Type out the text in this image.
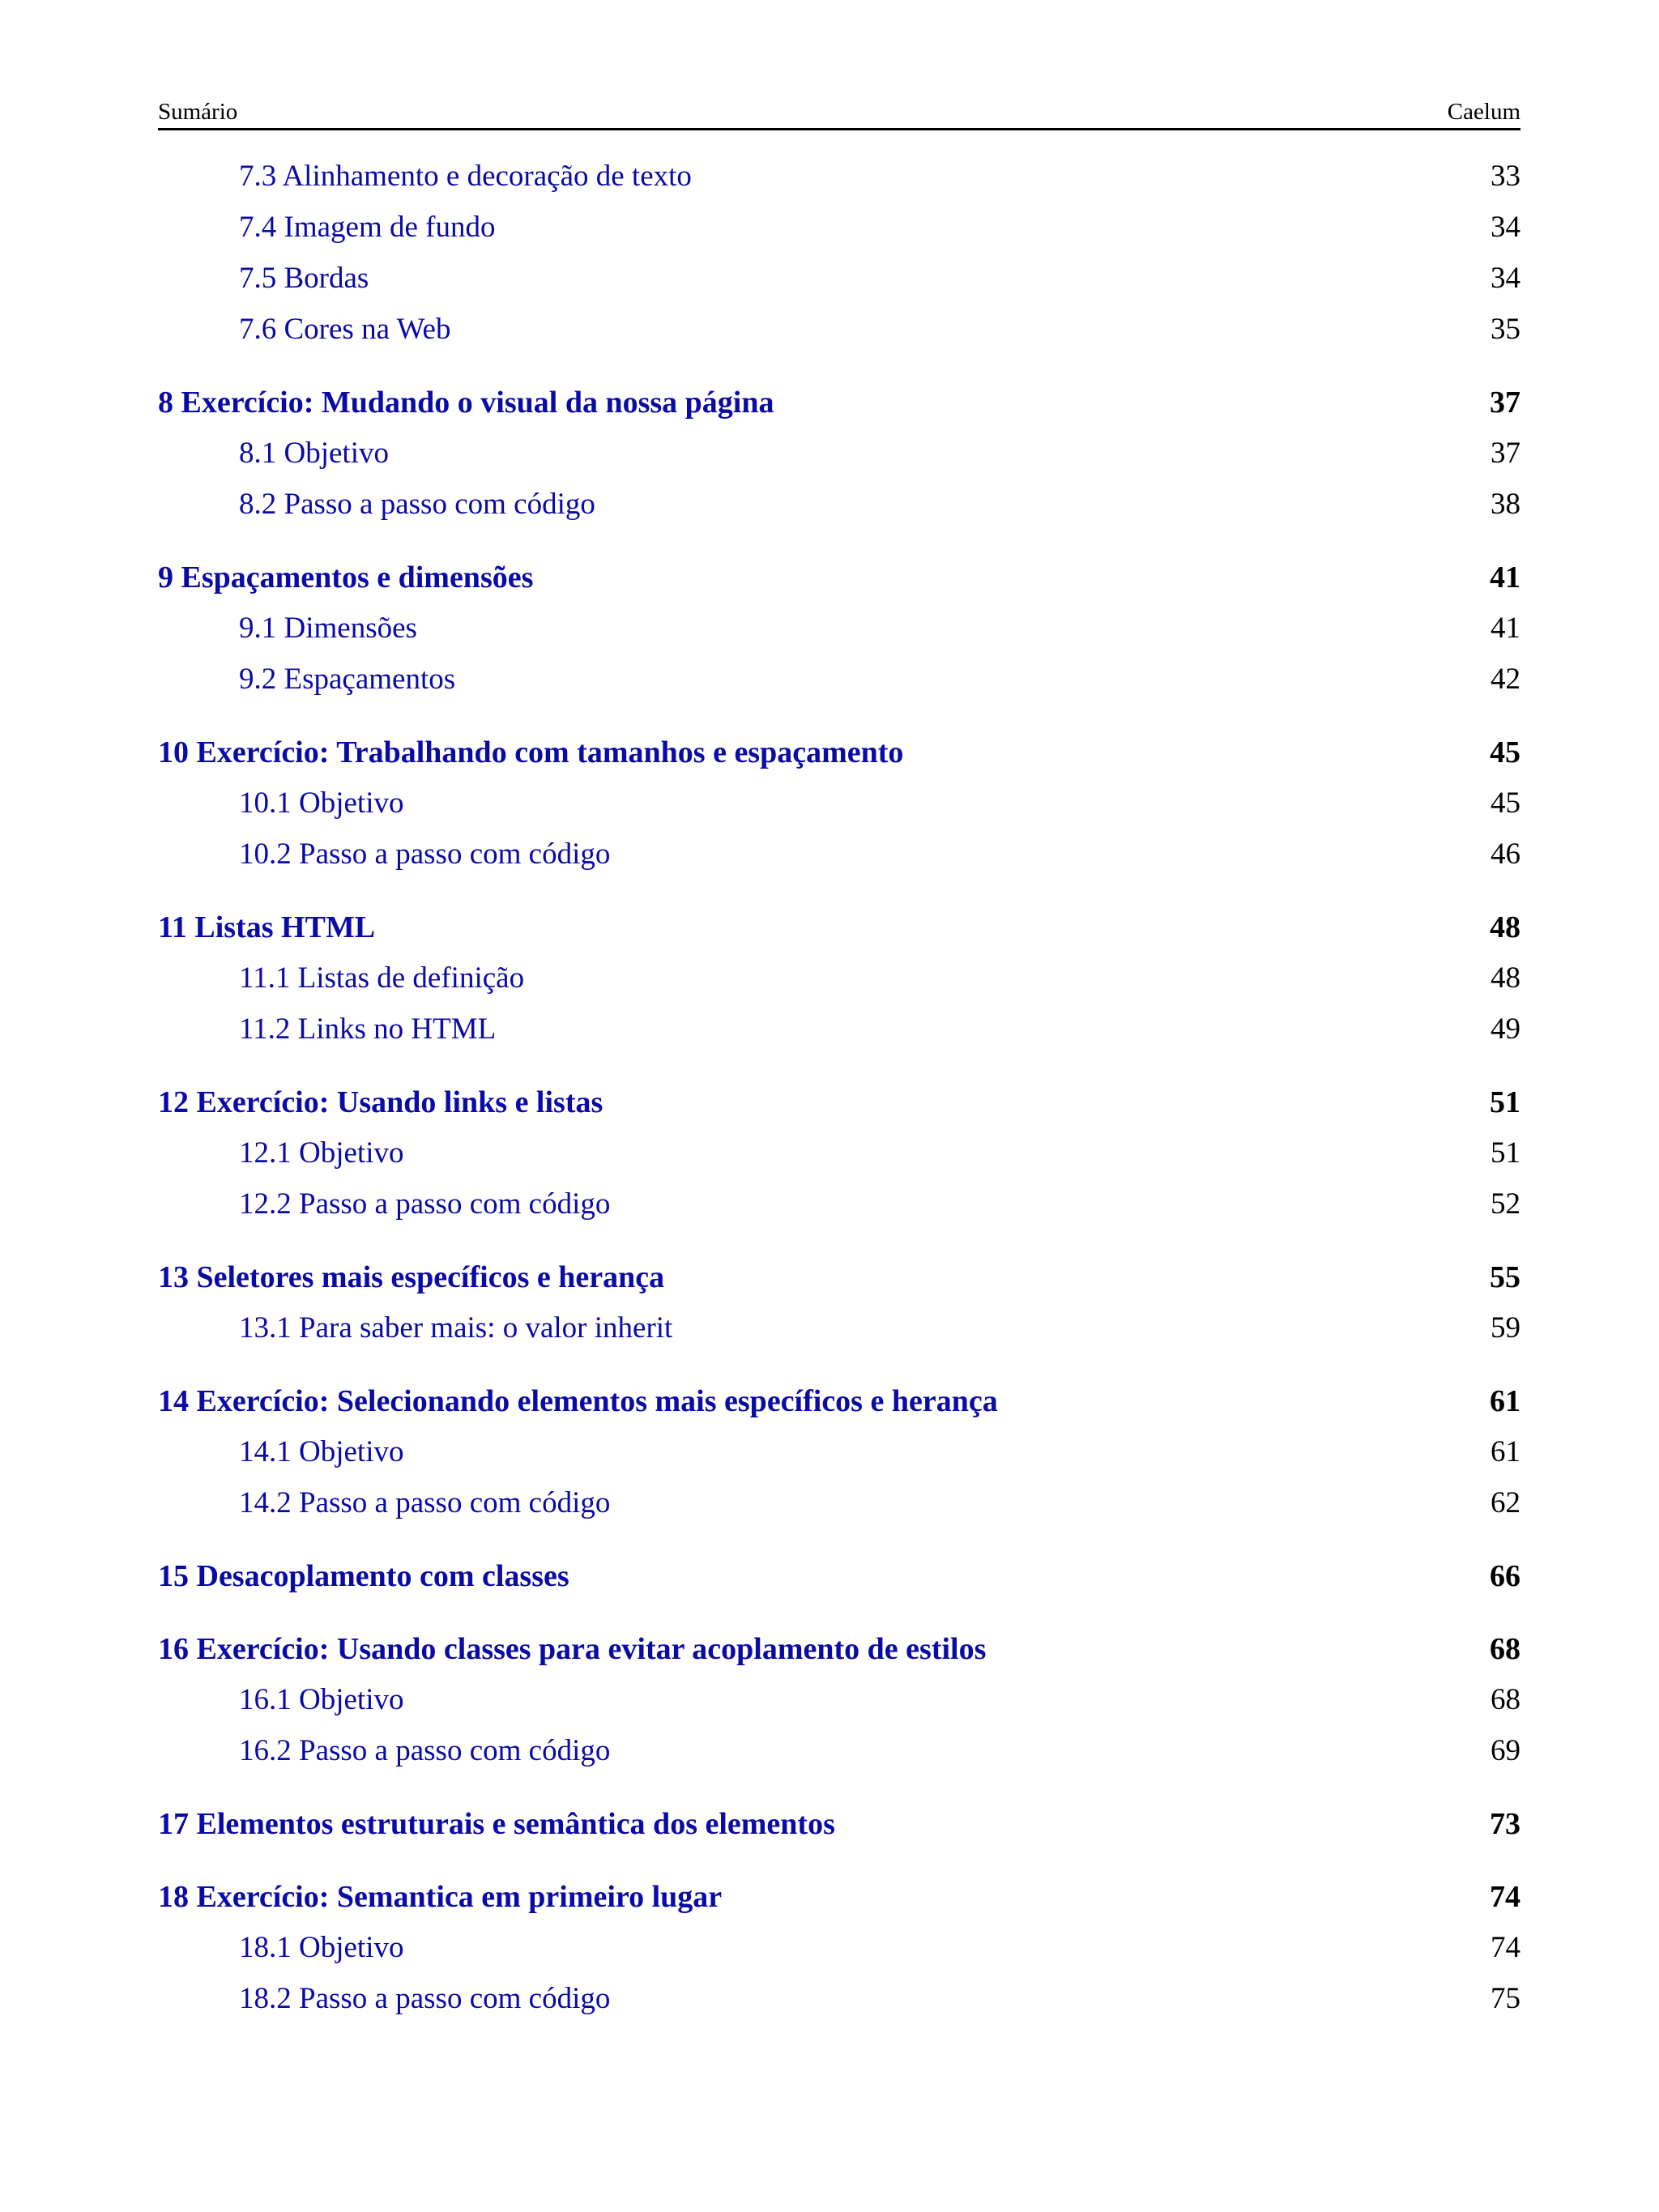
Sumário	Caelum
7.3 Alinhamento e decoração de texto	33
7.4 Imagem de fundo	34
7.5 Bordas	34
7.6 Cores na Web	35
8 Exercício: Mudando o visual da nossa página	37
8.1 Objetivo	37
8.2 Passo a passo com código	38
9 Espaçamentos e dimensões	41
9.1 Dimensões	41
9.2 Espaçamentos	42
10 Exercício: Trabalhando com tamanhos e espaçamento	45
10.1 Objetivo	45
10.2 Passo a passo com código	46
11 Listas HTML	48
11.1 Listas de definição	48
11.2 Links no HTML	49
12 Exercício: Usando links e listas	51
12.1 Objetivo	51
12.2 Passo a passo com código	52
13 Seletores mais específicos e herança	55
13.1 Para saber mais: o valor inherit	59
14 Exercício: Selecionando elementos mais específicos e herança	61
14.1 Objetivo	61
14.2 Passo a passo com código	62
15 Desacoplamento com classes	66
16 Exercício: Usando classes para evitar acoplamento de estilos	68
16.1 Objetivo	68
16.2 Passo a passo com código	69
17 Elementos estruturais e semântica dos elementos	73
18 Exercício: Semantica em primeiro lugar	74
18.1 Objetivo	74
18.2 Passo a passo com código	75
